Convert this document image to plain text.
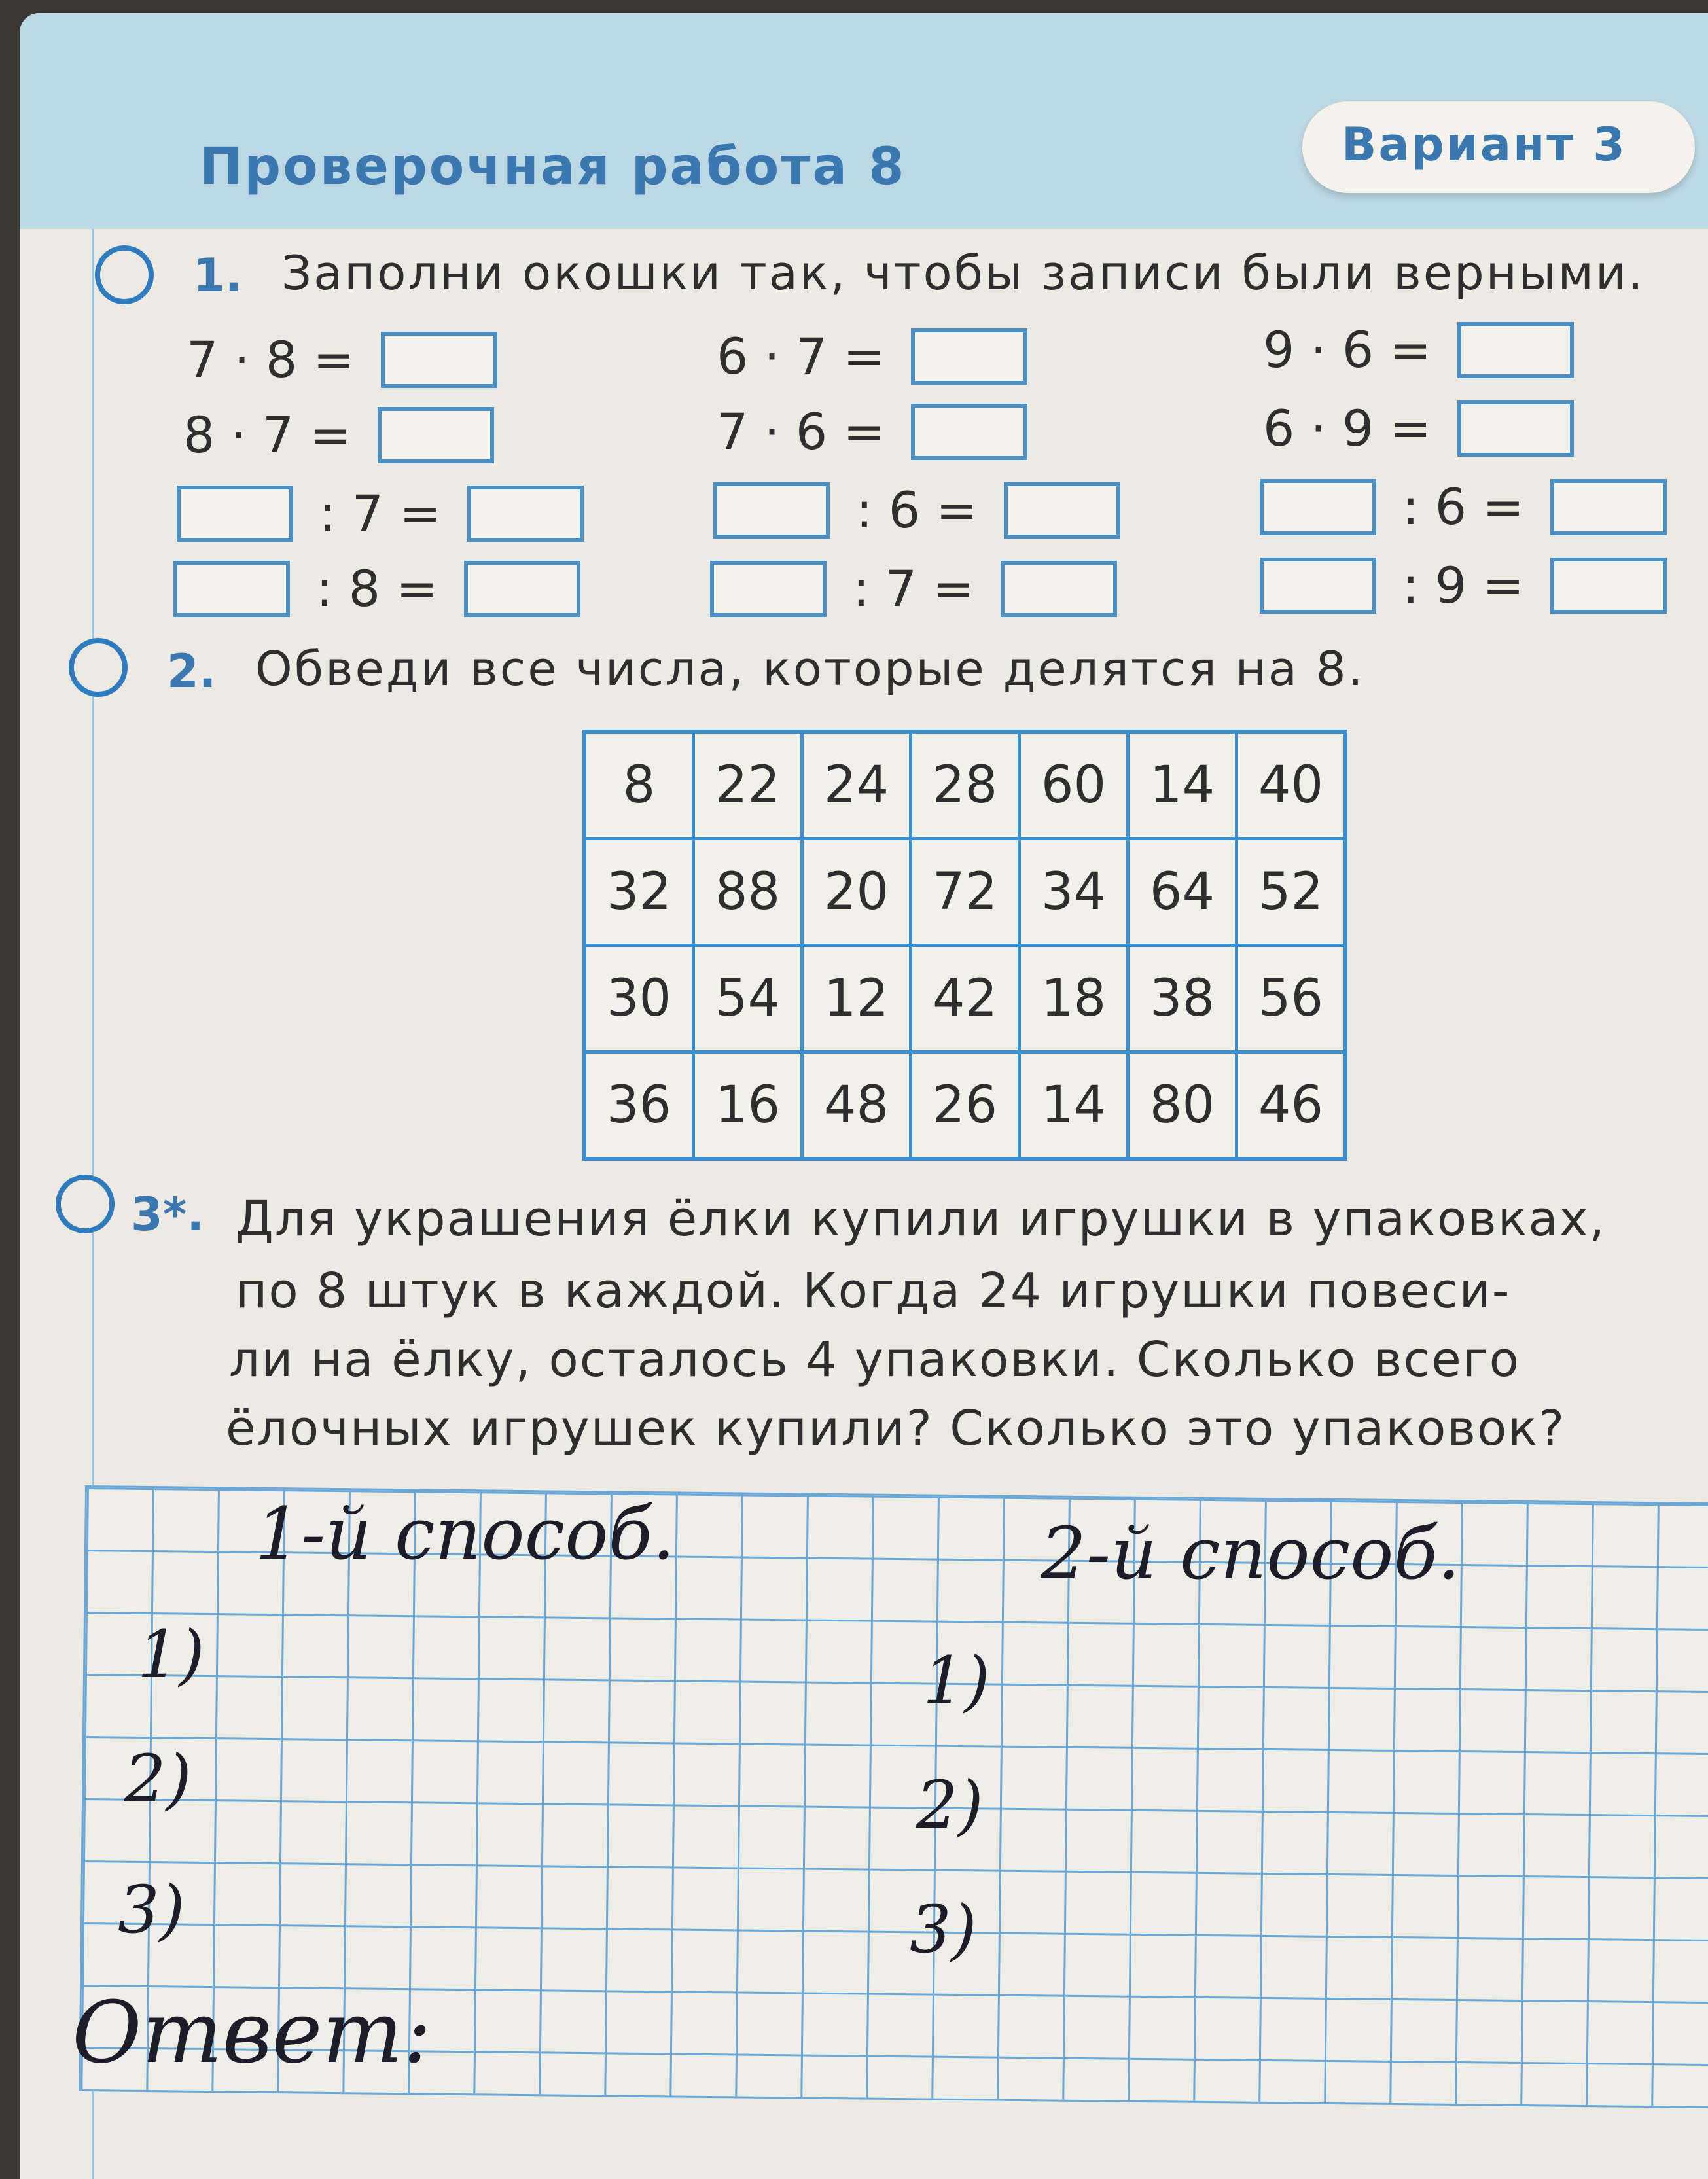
Проверочная работа 8	Вариант 3
1. Заполни окошки так, чтобы записи были верными.
7 · 8 =
8 · 7 =
: 7 =
: 8 =
6 · 7 =
7 · 6 =
: 6 =
: 7 =
9 · 6 =
6 · 9 =
: 6 =
: 9 =
2. Обведи все числа, которые делятся на 8.
8	22	24	28	60	14	40
32	88	20	72	34	64	52
30	54	12	42	18	38	56
36	16	48	26	14	80	46
3*. Для украшения ёлки купили игрушки в упаковках,
по 8 штук в каждой. Когда 24 игрушки повеси-
ли на ёлку, осталось 4 упаковки. Сколько всего
ёлочных игрушек купили? Сколько это упаковок?
1-й способ.	2-й способ.
1)
2)
3)
1)
2)
3)
Ответ:
